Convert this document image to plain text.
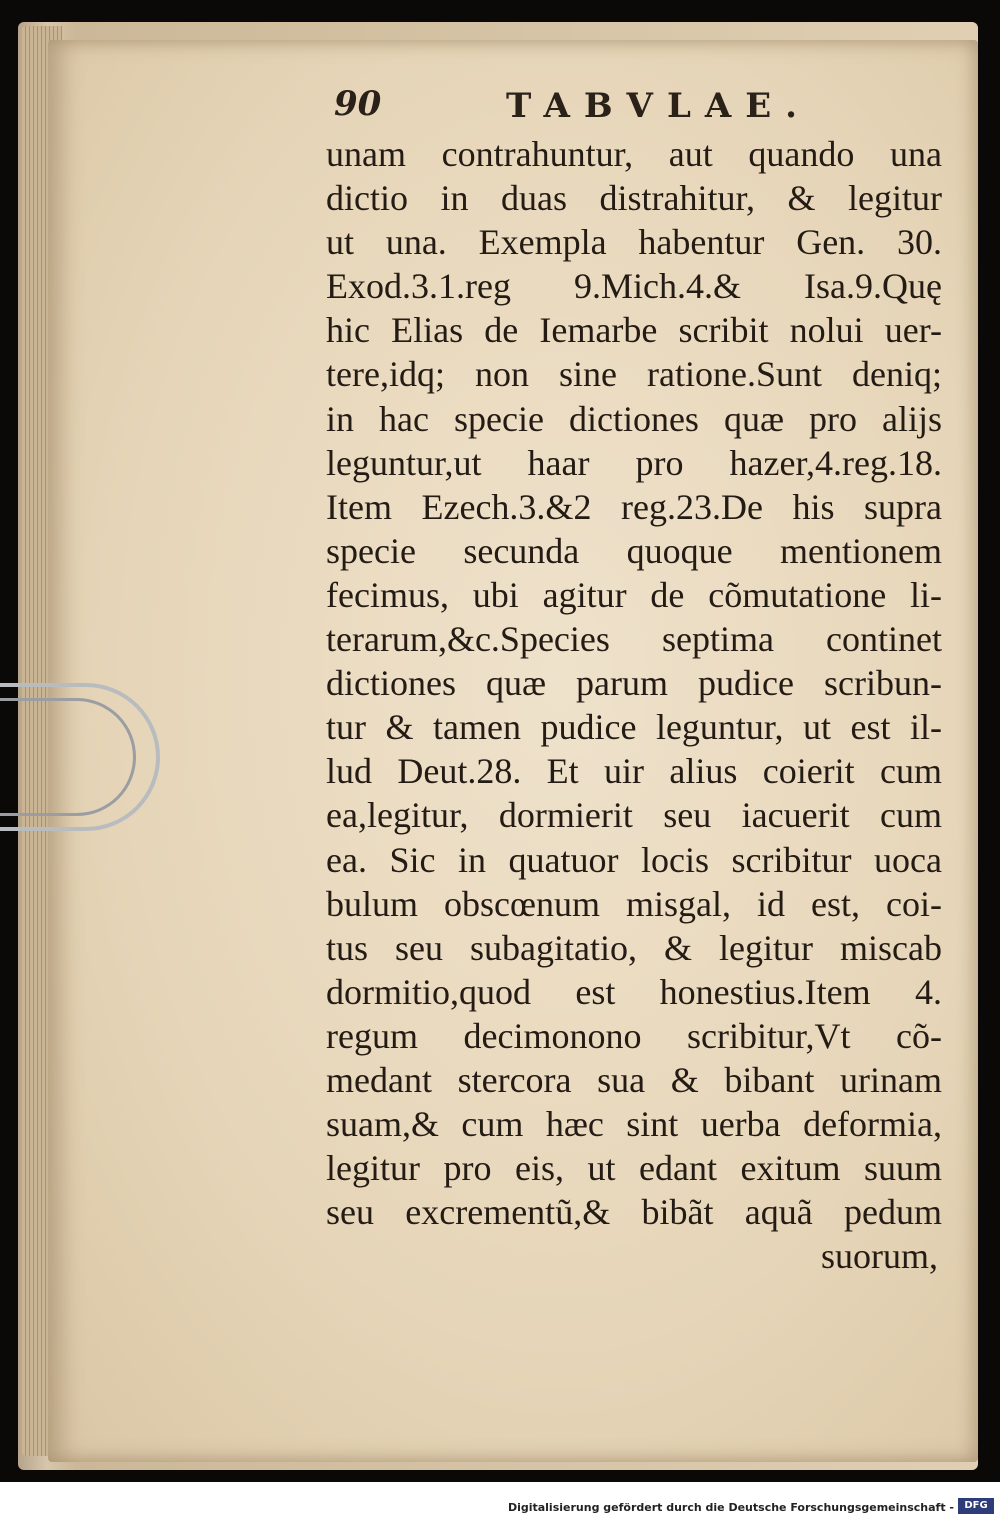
90	TABVLAE.
unam contrahuntur, aut quando una
dictio in duas distrahitur, & legitur
ut una. Exempla habentur Gen. 30.
Exod.3.1.reg 9.Mich.4.& Isa.9.Quę
hic Elias de Iemarbe scribit nolui uer-
tere,idq; non sine ratione.Sunt deniq;
in hac specie dictiones quæ pro alijs
leguntur,ut haar pro hazer,4.reg.18.
Item Ezech.3.&2 reg.23.De his supra
specie secunda quoque mentionem
fecimus, ubi agitur de cõmutatione li-
terarum,&c.Species septima continet
dictiones quæ parum pudice scribun-
tur & tamen pudice leguntur, ut est il-
lud Deut.28. Et uir alius coierit cum
ea,legitur, dormierit seu iacuerit cum
ea. Sic in quatuor locis scribitur uoca
bulum obscœnum misgal, id est, coi-
tus seu subagitatio, & legitur miscab
dormitio,quod est honestius.Item 4.
regum decimonono scribitur,Vt cõ-
medant stercora sua & bibant urinam
suam,& cum hæc sint uerba deformia,
legitur pro eis, ut edant exitum suum
seu excrementũ,& bibãt aquã pedum
suorum,
Digitalisierung gefördert durch die Deutsche Forschungsgemeinschaft -	DFG
